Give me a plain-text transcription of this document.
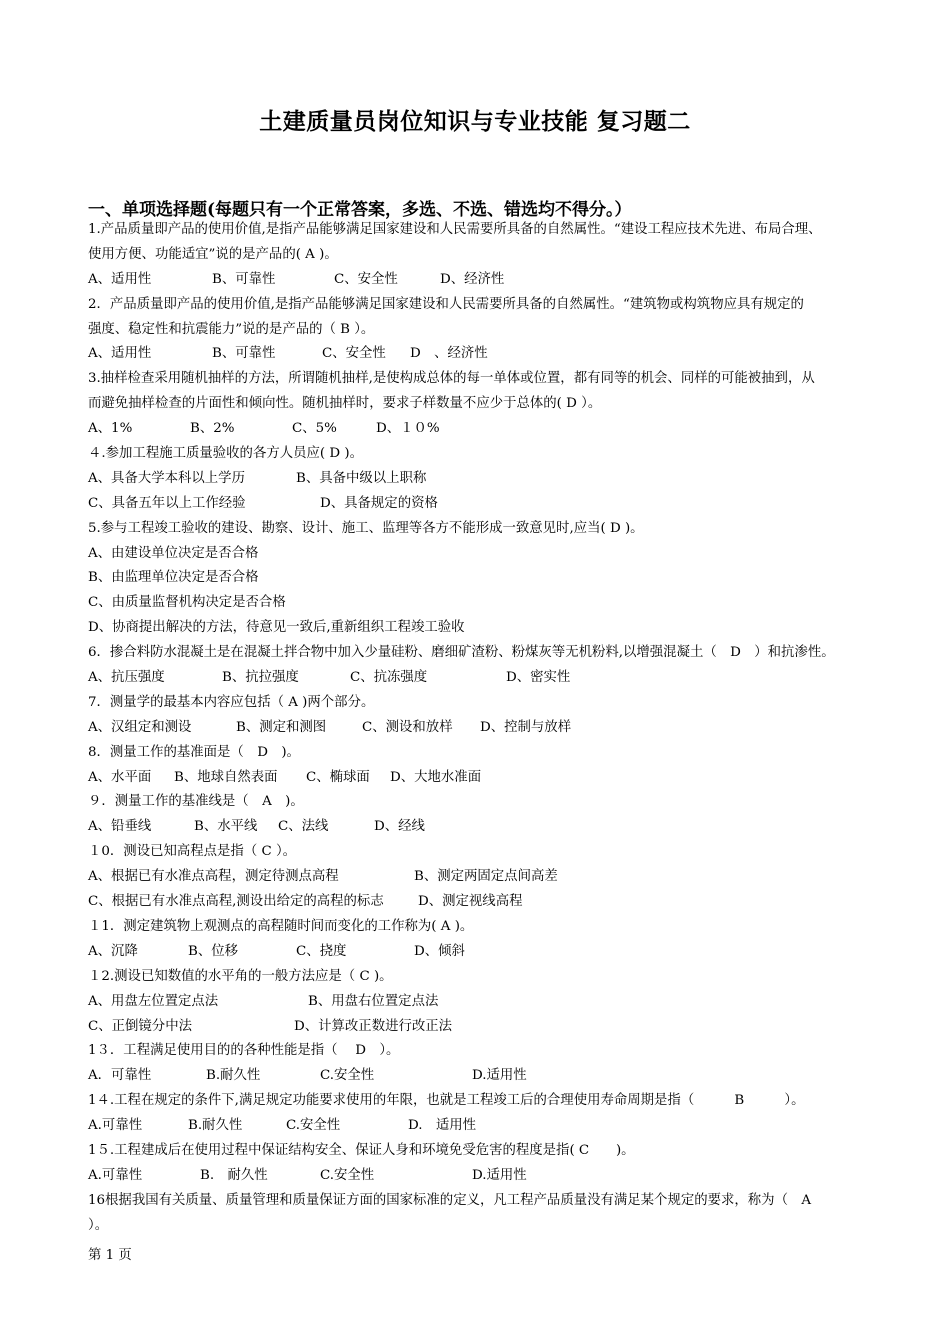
土建质量员岗位知识与专业技能 复习题二
一、单项选择题(每题只有一个正常答案，多选、不选、错选均不得分。）
1.产品质量即产品的使用价值,是指产品能够满足国家建设和人民需要所具备的自然属性。“建设工程应技术先进、布局合理、
使用方便、功能适宜”说的是产品的( A )。
A、适用性	B、可靠性	C、安全性	D、经济性
2．产品质量即产品的使用价值,是指产品能够满足国家建设和人民需要所具备的自然属性。“建筑物或构筑物应具有规定的
强度、稳定性和抗震能力”说的是产品的（ B ）。
A、适用性	B、可靠性	C、安全性 D　、经济性
3.抽样检查采用随机抽样的方法，所谓随机抽样,是使构成总体的每一单体或位置，都有同等的机会、同样的可能被抽到，从
而避免抽样检查的片面性和倾向性。随机抽样时，要求子样数量不应少于总体的( D ）。
A、1%	B、2%	C、5%	D、１０%
４.参加工程施工质量验收的各方人员应( D )。
A、具备大学本科以上学历	B、具备中级以上职称
C、具备五年以上工作经验	D、具备规定的资格
5.参与工程竣工验收的建设、勘察、设计、施工、监理等各方不能形成一致意见时,应当( D )。
A、由建设单位决定是否合格
B、由监理单位决定是否合格
C、由质量监督机构决定是否合格
D、协商提出解决的方法，待意见一致后,重新组织工程竣工验收
6．掺合料防水混凝土是在混凝土拌合物中加入少量硅粉、磨细矿渣粉、粉煤灰等无机粉料,以增强混凝土（　D　）和抗渗性。
A、抗压强度	B、抗拉强度	C、抗冻强度	D、密实性
7．测量学的最基本内容应包括（ A )两个部分。
A、汉组定和测设	B、测定和测图	C、测设和放样 D、控制与放样
8．测量工作的基准面是（　D　)。
A、水平面 B、地球自然表面 C、椭球面 D、大地水准面
９．测量工作的基准线是（　A　)。
A、铅垂线	B、水平线 C、法线	D、经线
１0．测设已知高程点是指（ C ）。
A、根据已有水准点高程，测定待测点高程	B、测定两固定点间高差
C、根据已有水准点高程,测设出给定的高程的标志	D、测定视线高程
１1．测定建筑物上观测点的高程随时间而变化的工作称为( A )。
A、沉降	B、位移	C、挠度	D、倾斜
１2.测设已知数值的水平角的一般方法应是（ C )。
A、用盘左位置定点法	B、用盘右位置定点法
C、正倒镜分中法	D、计算改正数进行改正法
1３．工程满足使用目的的各种性能是指（　 D　）。
A．可靠性	B.耐久性	C.安全性	D.适用性
1４.工程在规定的条件下,满足规定功能要求使用的年限，也就是工程竣工后的合理使用寿命周期是指（　　　B　　　）。
A.可靠性	B.耐久性	C.安全性	D.　适用性
1５.工程建成后在使用过程中保证结构安全、保证人身和环境免受危害的程度是指( C　　)。
A.可靠性	B.　耐久性	C.安全性	D.适用性
16根据我国有关质量、质量管理和质量保证方面的国家标准的定义，凡工程产品质量没有满足某个规定的要求，称为（　A
）。
第 1 页
